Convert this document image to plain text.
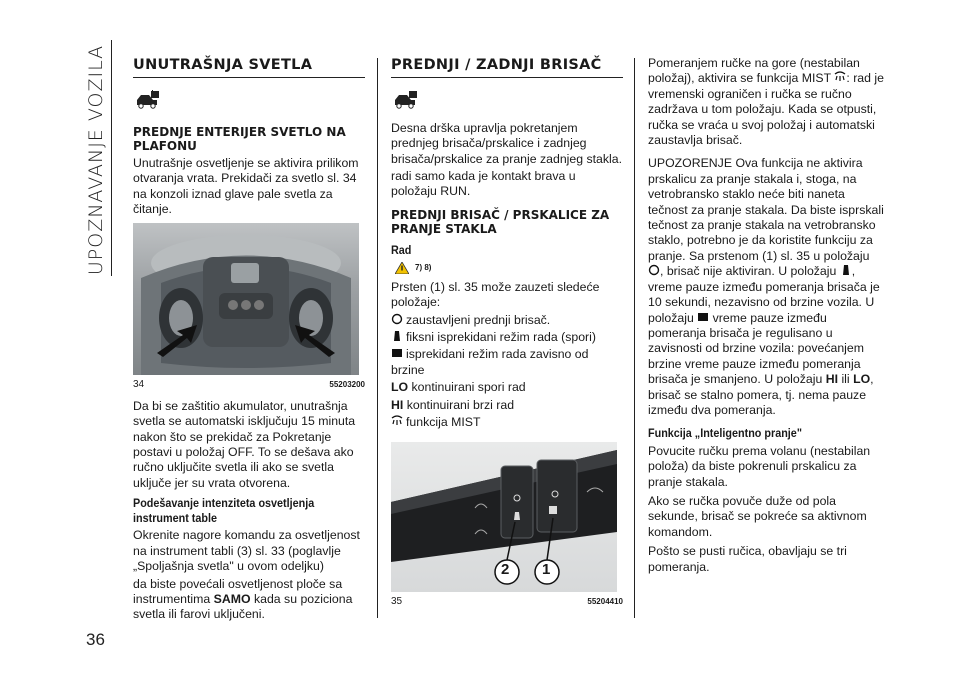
UPOZNAVANJE VOZILA
36
UNUTRAŠNJA SVETLA
PREDNJE ENTERIJER SVETLO NA PLAFONU

Unutrašnje osvetljenje se aktivira prilikom otvaranja vrata. Prekidači za svetlo sl. 34 na konzoli iznad glave pale svetla za čitanje.

34	55203200

Da bi se zaštitio akumulator, unutrašnja svetla se automatski isključuju 15 minuta nakon što se prekidač za Pokretanje postavi u položaj OFF. To se dešava ako ručno uključite svetla ili ako se svetla uključe jer su vrata otvorena.

Podešavanje intenziteta osvetljenja instrument table

Okrenite nagore komandu za osvetljenost na instrument tabli (3) sl. 33 (poglavlje „Spoljašnja svetla" u ovom odeljku)

da biste povećali osvetljenost ploče sa instrumentima SAMO kada su poziciona svetla ili farovi uključeni.

PREDNJI / ZADNJI BRISAČ

Desna drška upravlja pokretanjem prednjeg brisača/prskalice i zadnjeg brisača/prskalice za pranje zadnjeg stakla.

radi samo kada je kontakt brava u položaju RUN.

PREDNJI BRISAČ / PRSKALICE ZA PRANJE STAKLA
Rad
7) 8)

Prsten (1) sl. 35 može zauzeti sledeće položaje:

zaustavljeni prednji brisač.

fiksni isprekidani režim rada (spori)

isprekidani režim rada zavisno od brzine

LO kontinuirani spori rad

HI kontinuirani brzi rad

funkcija MIST

2 1
35	55204410

Pomeranjem ručke na gore (nestabilan položaj), aktivira se funkcija MIST : rad je vremenski ograničen i ručka se ručno zadržava u tom položaju. Kada se otpusti, ručka se vraća u svoj položaj i automatski zaustavlja brisač.

UPOZORENJE Ova funkcija ne aktivira prskalicu za pranje stakala i, stoga, na vetrobransko staklo neće biti naneta tečnost za pranje stakala. Da biste isprskali tečnost za pranje stakala na vetrobransko staklo, potrebno je da koristite funkciju za pranje. Sa prstenom (1) sl. 35 u položaju , brisač nije aktiviran. U položaju , vreme pauze između pomeranja brisača je 10 sekundi, nezavisno od brzine vozila. U položaju  vreme pauze između pomeranja brisača je regulisano u zavisnosti od brzine vozila: povećanjem brzine vreme pauze između pomeranja brisača je smanjeno. U položaju HI ili LO, brisač se stalno pomera, tj. nema pauze između dva pomeranja.

Funkcija „Inteligentno pranje"

Povucite ručku prema volanu (nestabilan položa) da biste pokrenuli prskalicu za pranje stakala.

Ako se ručka povuče duže od pola sekunde, brisač se pokreće sa aktivnom komandom.

Pošto se pusti ručica, obavljaju se tri pomeranja.
